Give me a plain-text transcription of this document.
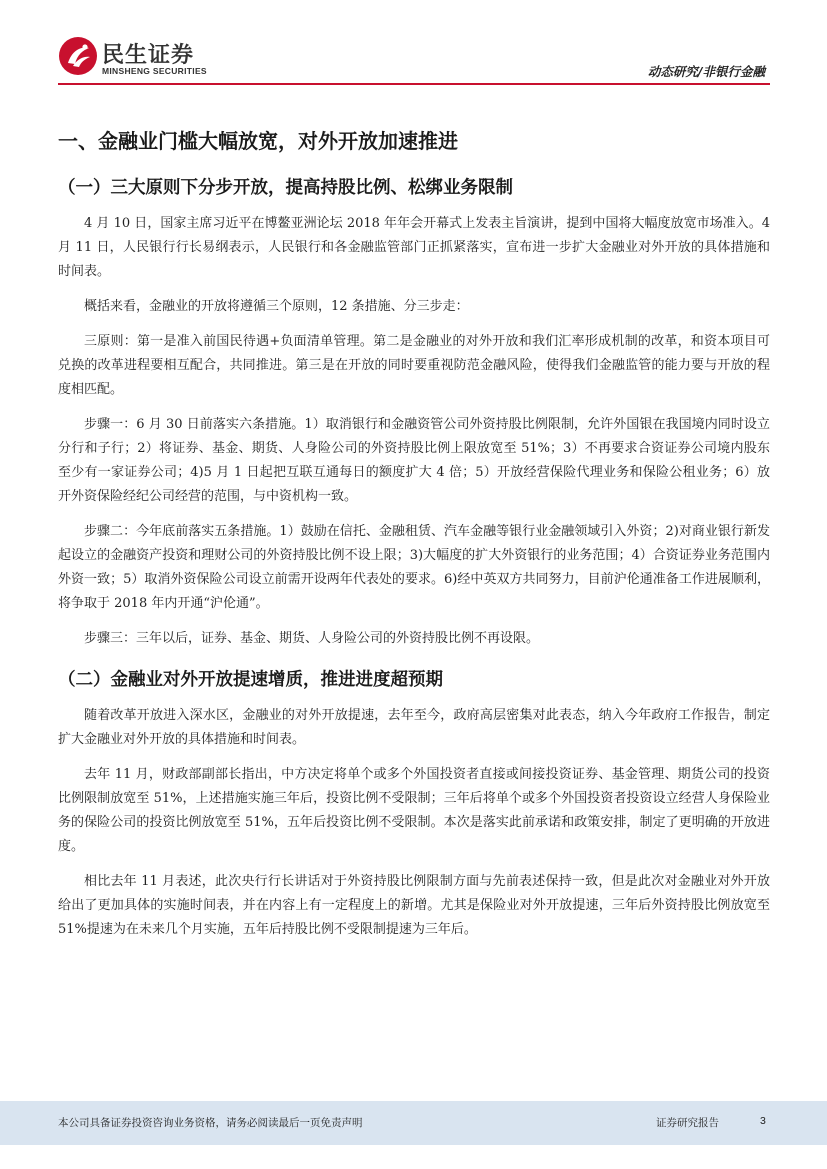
民生证券
MINSHENG SECURITIES	动态研究/非银行金融
一、金融业门槛大幅放宽，对外开放加速推进
（一）三大原则下分步开放，提高持股比例、松绑业务限制

4 月 10 日，国家主席习近平在博鳌亚洲论坛 2018 年年会开幕式上发表主旨演讲，提到中国将大幅度放宽市场准入。4 月 11 日，人民银行行长易纲表示，人民银行和各金融监管部门正抓紧落实，宣布进一步扩大金融业对外开放的具体措施和时间表。

概括来看，金融业的开放将遵循三个原则，12 条措施、分三步走：

三原则：第一是准入前国民待遇+负面清单管理。第二是金融业的对外开放和我们汇率形成机制的改革，和资本项目可兑换的改革进程要相互配合，共同推进。第三是在开放的同时要重视防范金融风险，使得我们金融监管的能力要与开放的程度相匹配。

步骤一：6 月 30 日前落实六条措施。1）取消银行和金融资管公司外资持股比例限制，允许外国银在我国境内同时设立分行和子行；2）将证券、基金、期货、人身险公司的外资持股比例上限放宽至 51%；3）不再要求合资证券公司境内股东至少有一家证券公司；4)5 月 1 日起把互联互通每日的额度扩大 4 倍；5）开放经营保险代理业务和保险公租业务；6）放开外资保险经纪公司经营的范围，与中资机构一致。

步骤二：今年底前落实五条措施。1）鼓励在信托、金融租赁、汽车金融等银行业金融领域引入外资；2)对商业银行新发起设立的金融资产投资和理财公司的外资持股比例不设上限；3)大幅度的扩大外资银行的业务范围；4）合资证券业务范围内外资一致；5）取消外资保险公司设立前需开设两年代表处的要求。6)经中英双方共同努力，目前沪伦通准备工作进展顺利，将争取于 2018 年内开通“沪伦通”。

步骤三：三年以后，证券、基金、期货、人身险公司的外资持股比例不再设限。

（二）金融业对外开放提速增质，推进进度超预期

随着改革开放进入深水区，金融业的对外开放提速，去年至今，政府高层密集对此表态，纳入今年政府工作报告，制定扩大金融业对外开放的具体措施和时间表。

去年 11 月，财政部副部长指出，中方决定将单个或多个外国投资者直接或间接投资证券、基金管理、期货公司的投资比例限制放宽至 51%，上述措施实施三年后，投资比例不受限制；三年后将单个或多个外国投资者投资设立经营人身保险业务的保险公司的投资比例放宽至 51%，五年后投资比例不受限制。本次是落实此前承诺和政策安排，制定了更明确的开放进度。

相比去年 11 月表述，此次央行行长讲话对于外资持股比例限制方面与先前表述保持一致，但是此次对金融业对外开放给出了更加具体的实施时间表，并在内容上有一定程度上的新增。尤其是保险业对外开放提速，三年后外资持股比例放宽至 51%提速为在未来几个月实施，五年后持股比例不受限制提速为三年后。

本公司具备证券投资咨询业务资格，请务必阅读最后一页免责声明	证券研究报告	3
